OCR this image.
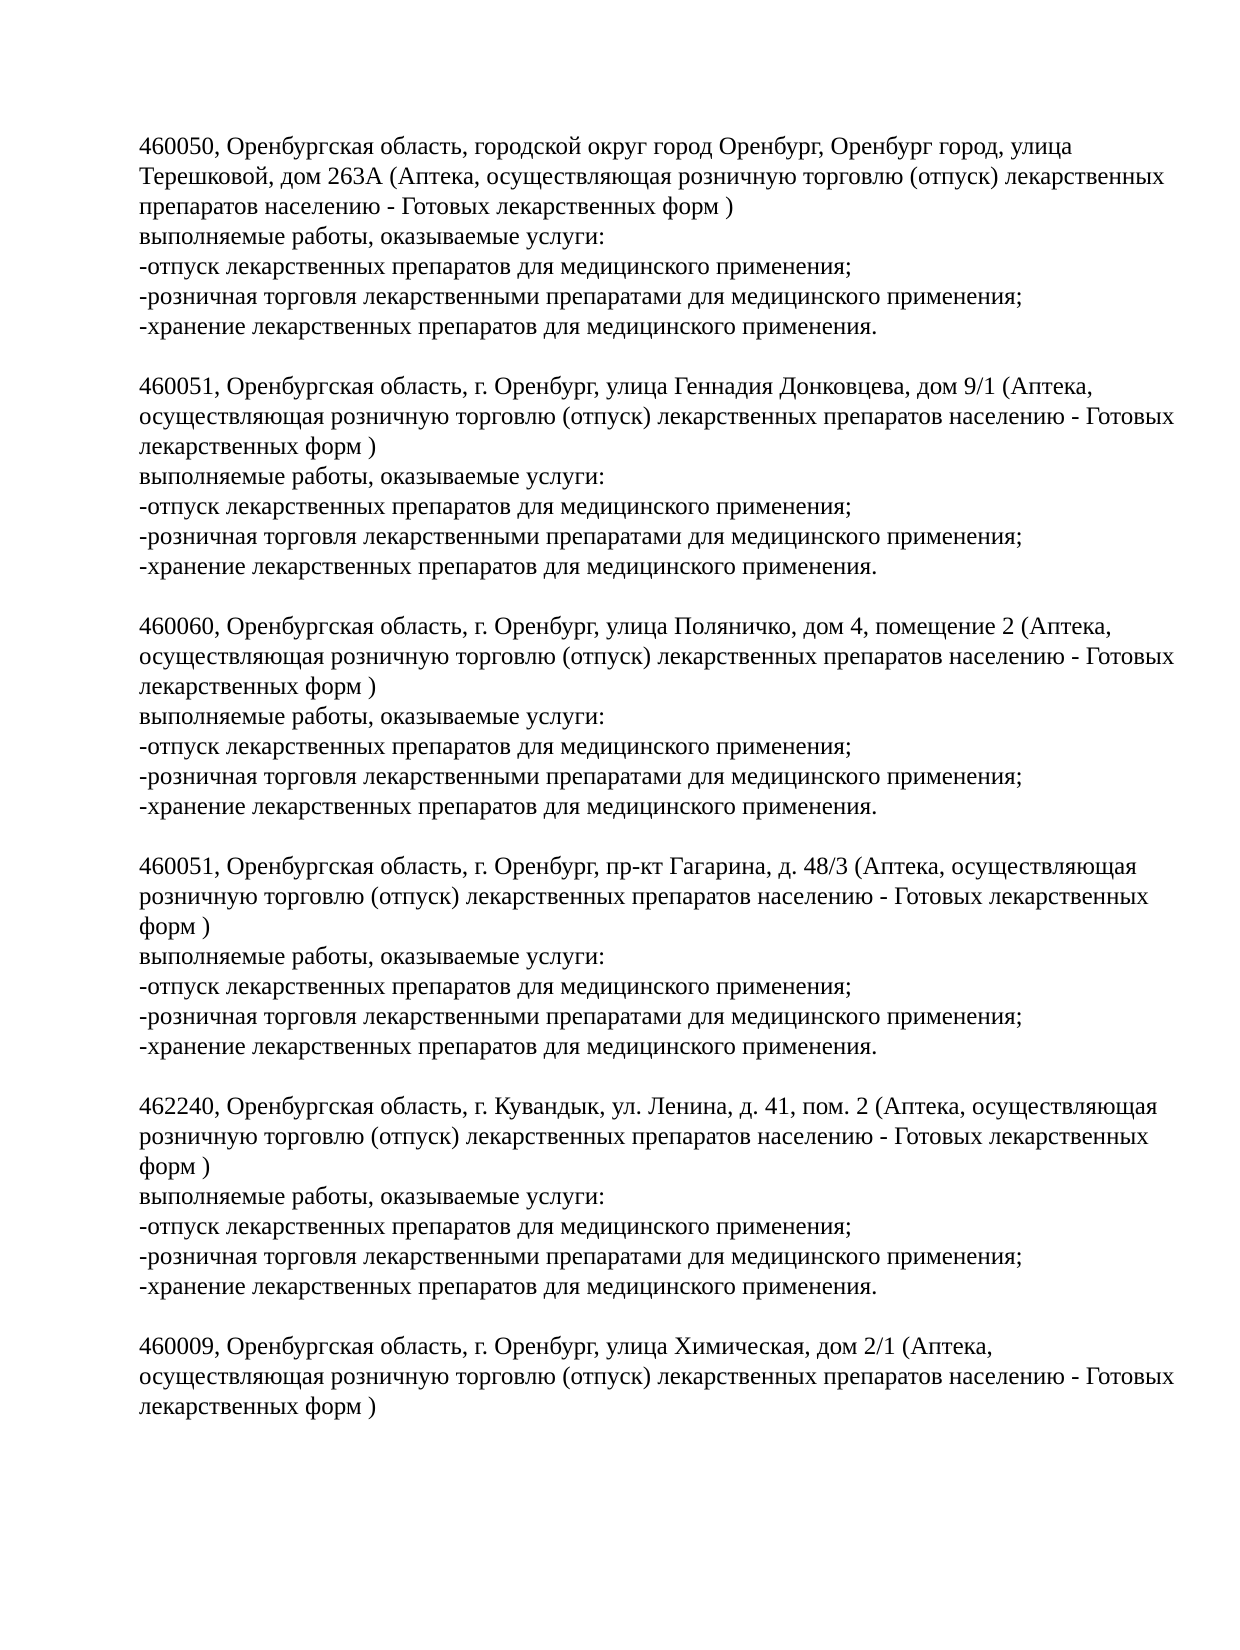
460050, Оренбургская область, городской округ город Оренбург, Оренбург город, улица
Терешковой, дом 263А (Аптека, осуществляющая розничную торговлю (отпуск) лекарственных
препаратов населению - Готовых лекарственных форм )
выполняемые работы, оказываемые услуги:
-отпуск лекарственных препаратов для медицинского применения;
-розничная торговля лекарственными препаратами для медицинского применения;
-хранение лекарственных препаратов для медицинского применения.
460051, Оренбургская область, г. Оренбург, улица Геннадия Донковцева, дом 9/1 (Аптека,
осуществляющая розничную торговлю (отпуск) лекарственных препаратов населению - Готовых
лекарственных форм )
выполняемые работы, оказываемые услуги:
-отпуск лекарственных препаратов для медицинского применения;
-розничная торговля лекарственными препаратами для медицинского применения;
-хранение лекарственных препаратов для медицинского применения.
460060, Оренбургская область, г. Оренбург, улица Поляничко, дом 4, помещение 2 (Аптека,
осуществляющая розничную торговлю (отпуск) лекарственных препаратов населению - Готовых
лекарственных форм )
выполняемые работы, оказываемые услуги:
-отпуск лекарственных препаратов для медицинского применения;
-розничная торговля лекарственными препаратами для медицинского применения;
-хранение лекарственных препаратов для медицинского применения.
460051, Оренбургская область, г. Оренбург, пр-кт Гагарина, д. 48/3 (Аптека, осуществляющая
розничную торговлю (отпуск) лекарственных препаратов населению - Готовых лекарственных
форм )
выполняемые работы, оказываемые услуги:
-отпуск лекарственных препаратов для медицинского применения;
-розничная торговля лекарственными препаратами для медицинского применения;
-хранение лекарственных препаратов для медицинского применения.
462240, Оренбургская область, г. Кувандык, ул. Ленина, д. 41, пом. 2 (Аптека, осуществляющая
розничную торговлю (отпуск) лекарственных препаратов населению - Готовых лекарственных
форм )
выполняемые работы, оказываемые услуги:
-отпуск лекарственных препаратов для медицинского применения;
-розничная торговля лекарственными препаратами для медицинского применения;
-хранение лекарственных препаратов для медицинского применения.
460009, Оренбургская область, г. Оренбург, улица Химическая, дом 2/1 (Аптека,
осуществляющая розничную торговлю (отпуск) лекарственных препаратов населению - Готовых
лекарственных форм )
